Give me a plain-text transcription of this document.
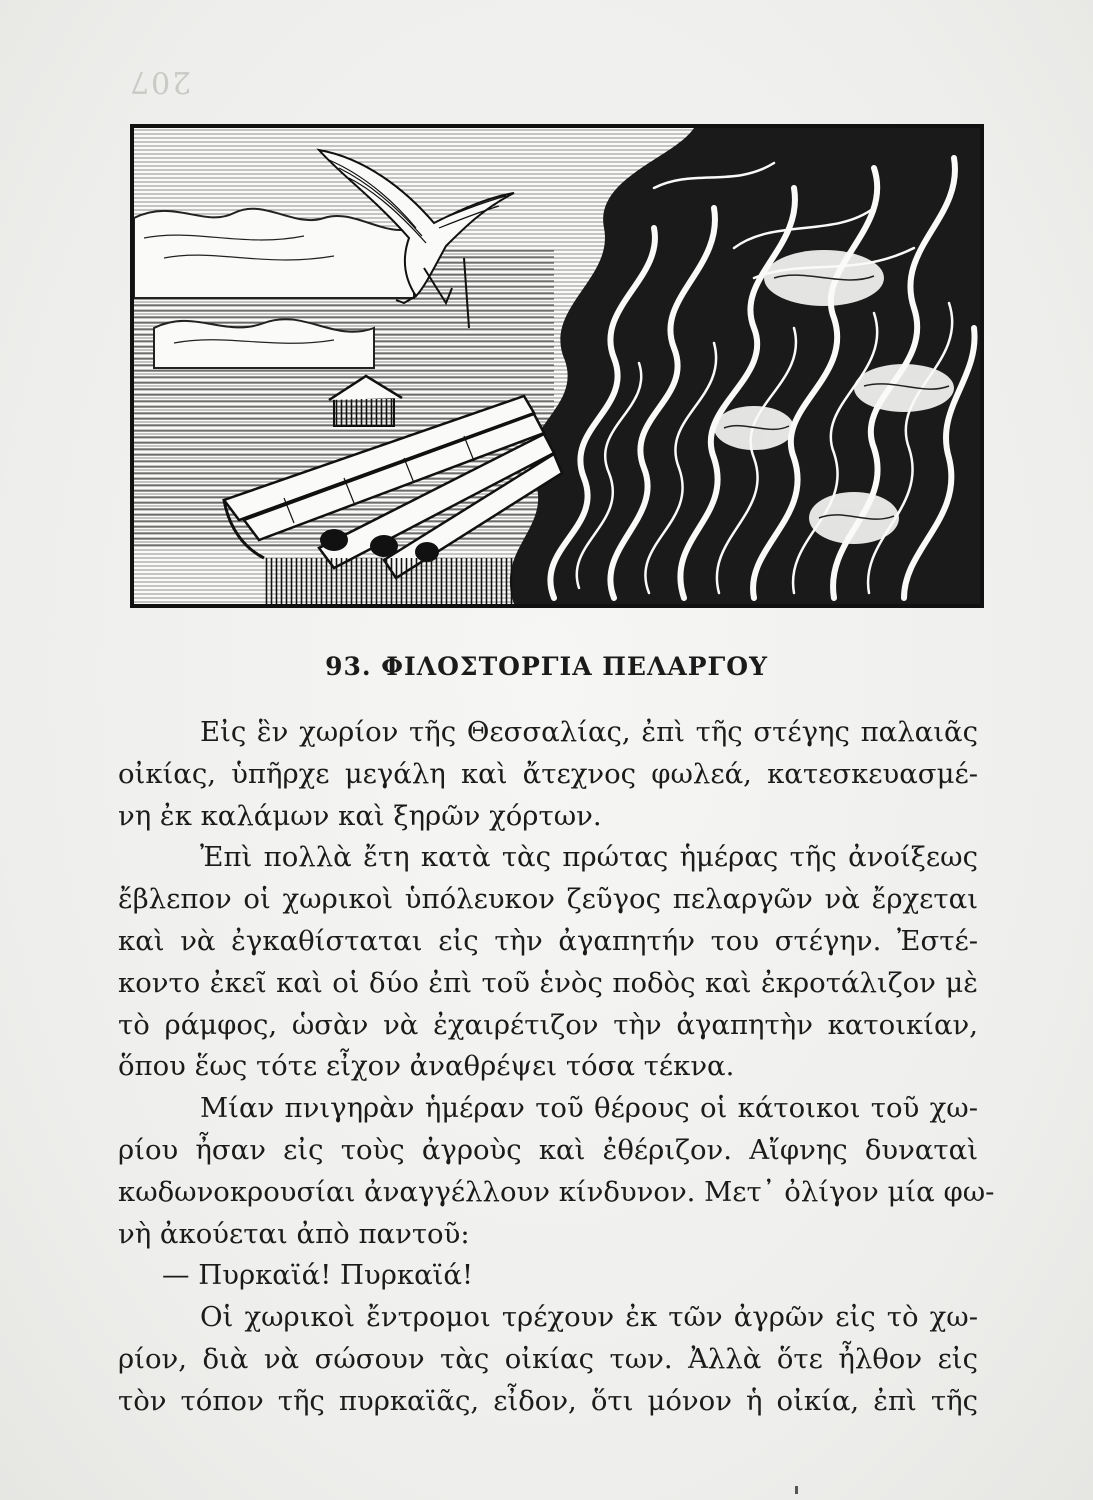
207
93. ΦΙΛΟΣΤΟΡΓΙΑ ΠΕΛΑΡΓΟΥ
Εἰς ἓν χωρίον τῆς Θεσσαλίας, ἐπὶ τῆς στέγης παλαιᾶς
οἰκίας, ὑπῆρχε μεγάλη καὶ ἄτεχνος φωλεά, κατεσκευασμέ-
νη ἐκ καλάμων καὶ ξηρῶν χόρτων.
Ἐπὶ πολλὰ ἔτη κατὰ τὰς πρώτας ἡμέρας τῆς ἀνοίξεως
ἔβλεπον οἱ χωρικοὶ ὑπόλευκον ζεῦγος πελαργῶν νὰ ἔρχεται
καὶ νὰ ἐγκαθίσταται εἰς τὴν ἀγαπητήν του στέγην. Ἐστέ-
κοντο ἐκεῖ καὶ οἱ δύο ἐπὶ τοῦ ἑνὸς ποδὸς καὶ ἐκροτάλιζον μὲ
τὸ ράμφος, ὡσὰν νὰ ἐχαιρέτιζον τὴν ἀγαπητὴν κατοικίαν,
ὅπου ἕως τότε εἶχον ἀναθρέψει τόσα τέκνα.
Μίαν πνιγηρὰν ἡμέραν τοῦ θέρους οἱ κάτοικοι τοῦ χω-
ρίου ἦσαν εἰς τοὺς ἀγροὺς καὶ ἐθέριζον. Αἴφνης δυναταὶ
κωδωνοκρουσίαι ἀναγγέλλουν κίνδυνον. Μετ᾽ ὀλίγον μία φω-
νὴ ἀκούεται ἀπὸ παντοῦ:
— Πυρκαϊά! Πυρκαϊά!
Οἱ χωρικοὶ ἔντρομοι τρέχουν ἐκ τῶν ἀγρῶν εἰς τὸ χω-
ρίον, διὰ νὰ σώσουν τὰς οἰκίας των. Ἀλλὰ ὅτε ἦλθον εἰς
τὸν τόπον τῆς πυρκαϊᾶς, εἶδον, ὅτι μόνον ἡ οἰκία, ἐπὶ τῆς
